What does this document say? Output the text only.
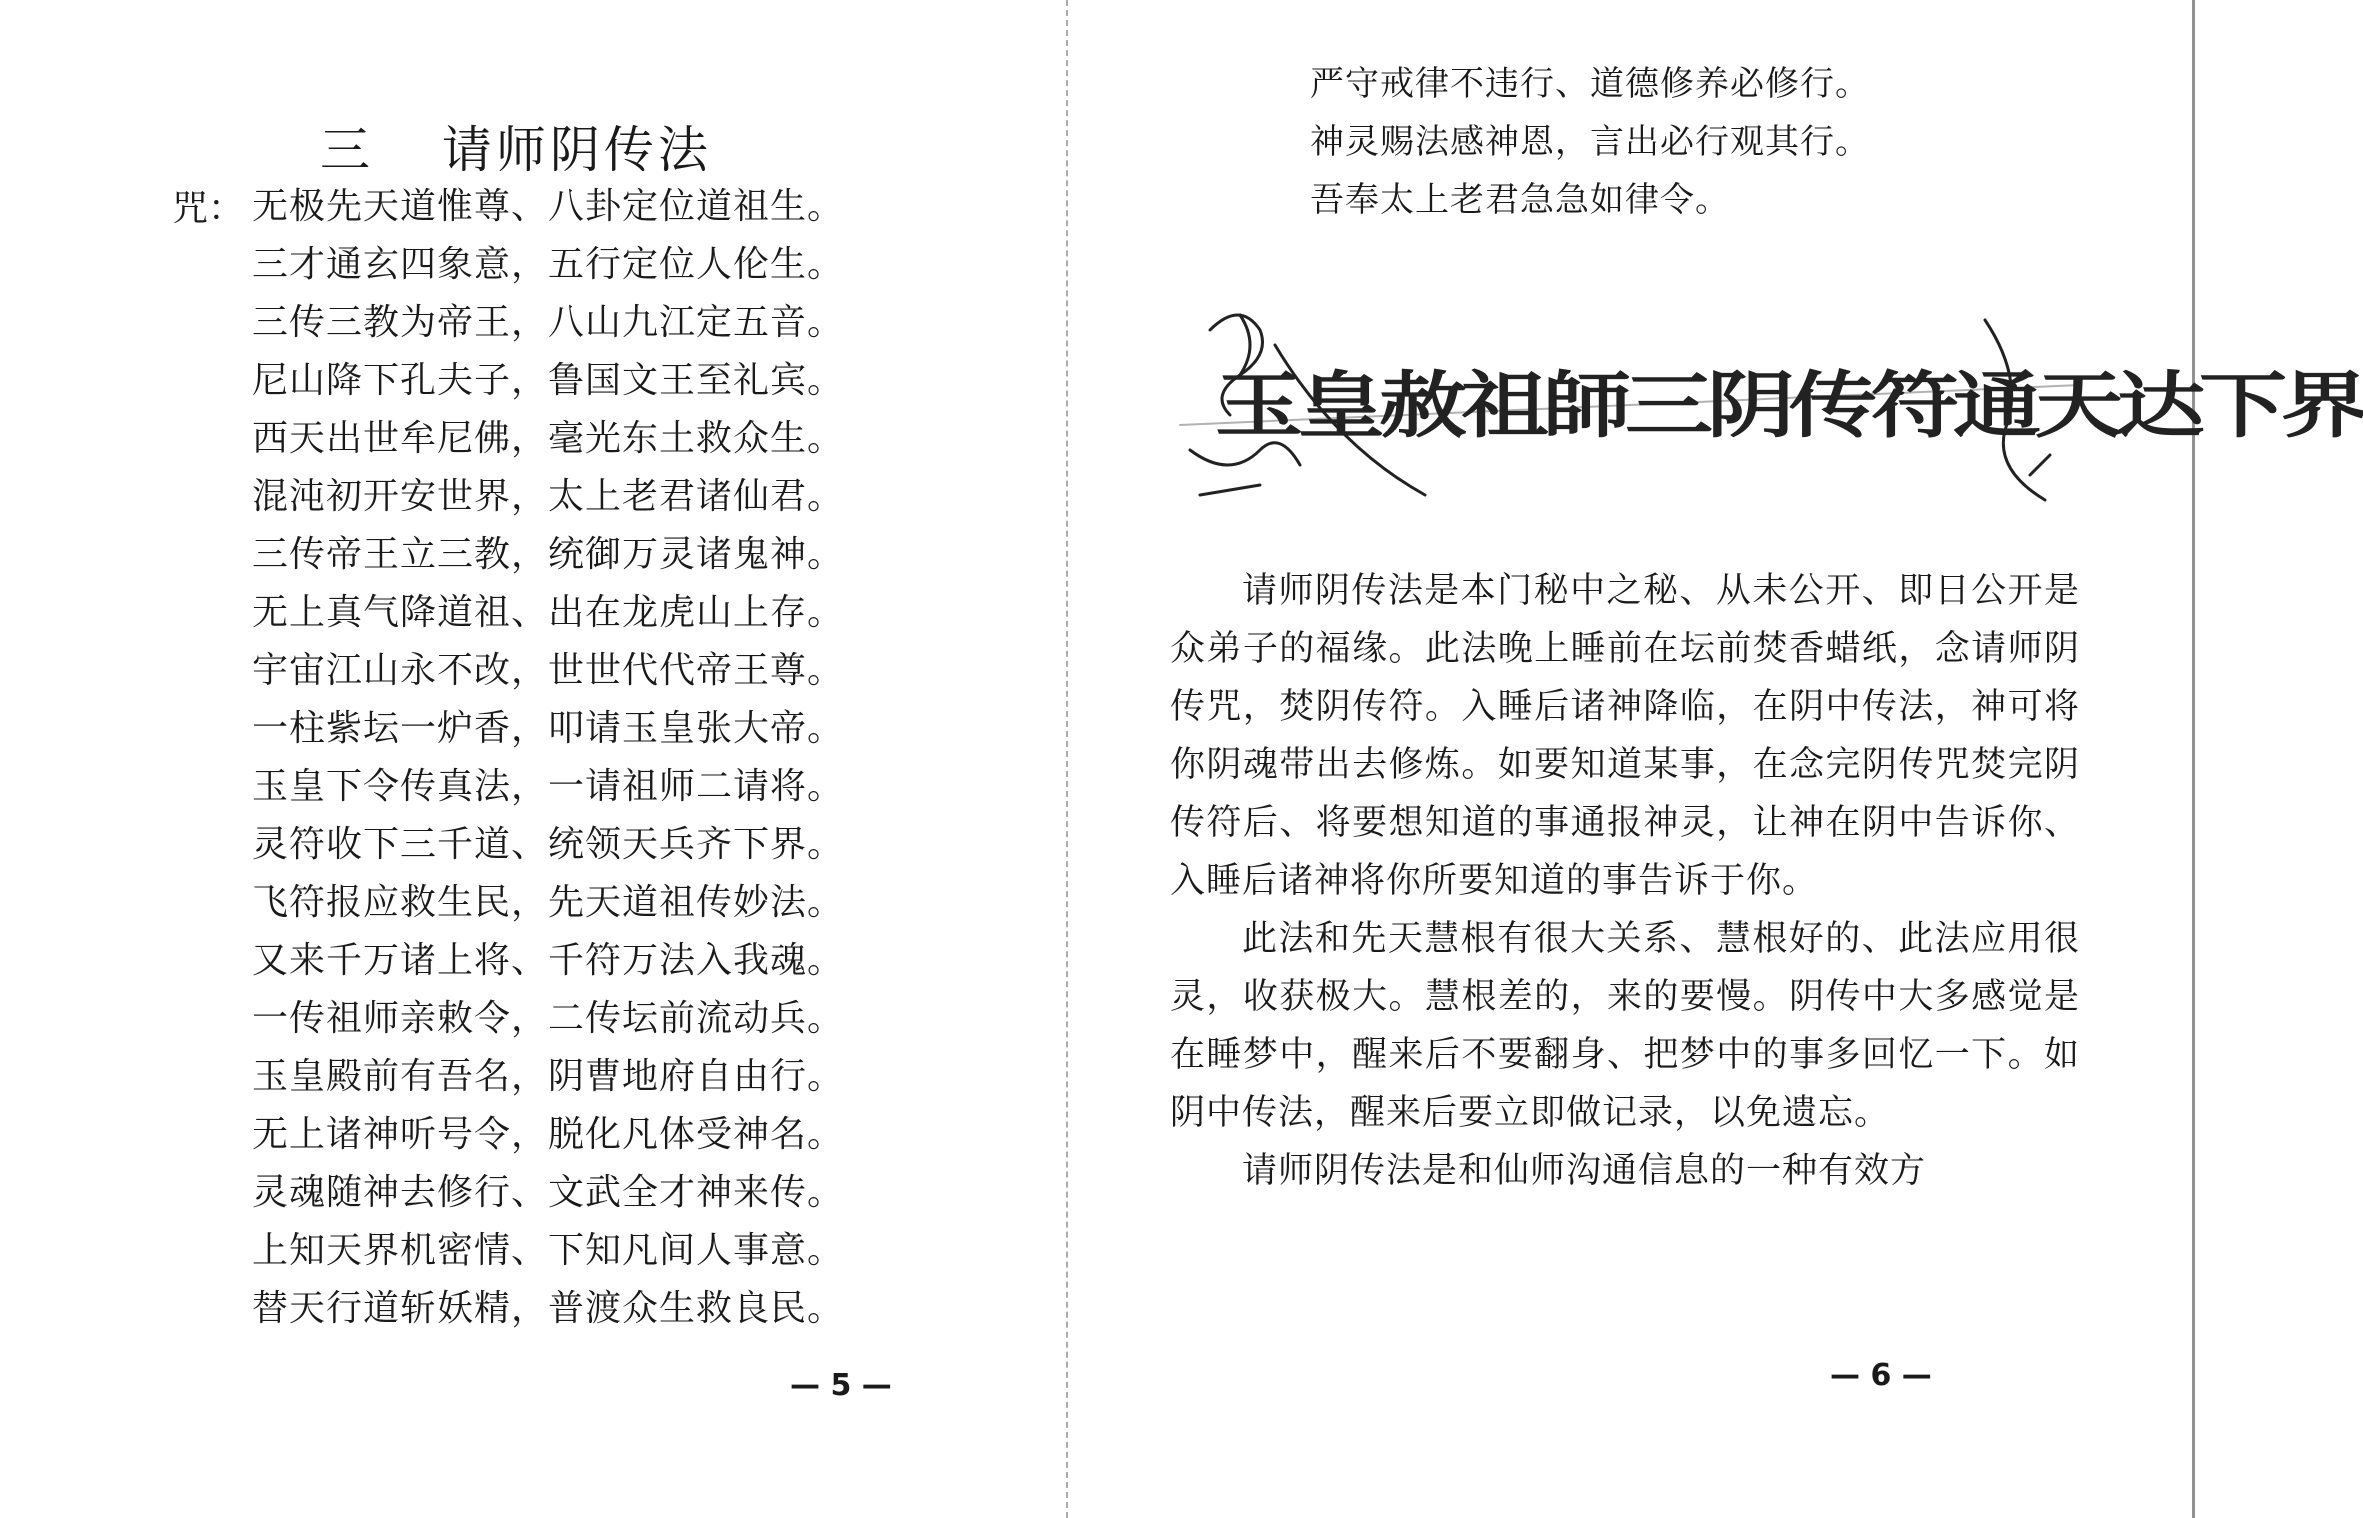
三 请师阴传法
咒： 无极先天道惟尊、八卦定位道祖生。
三才通玄四象意，五行定位人伦生。
三传三教为帝王，八山九江定五音。
尼山降下孔夫子，鲁国文王至礼宾。
西天出世牟尼佛，毫光东土救众生。
混沌初开安世界，太上老君诸仙君。
三传帝王立三教，统御万灵诸鬼神。
无上真气降道祖、出在龙虎山上存。
宇宙江山永不改，世世代代帝王尊。
一柱紫坛一炉香，叩请玉皇张大帝。
玉皇下令传真法，一请祖师二请将。
灵符收下三千道、统领天兵齐下界。
飞符报应救生民，先天道祖传妙法。
又来千万诸上将、千符万法入我魂。
一传祖师亲敕令，二传坛前流动兵。
玉皇殿前有吾名，阴曹地府自由行。
无上诸神听号令，脱化凡体受神名。
灵魂随神去修行、文武全才神来传。
上知天界机密情、下知凡间人事意。
替天行道斩妖精，普渡众生救良民。
— 5 —
严守戒律不违行、道德修养必修行。
神灵赐法感神恩，言出必行观其行。
吾奉太上老君急急如律令。
玉皇赦祖師三阴传符通天达下界

请师阴传法是本门秘中之秘、从未公开、即日公开是众弟子的福缘。此法晚上睡前在坛前焚香蜡纸，念请师阴传咒，焚阴传符。入睡后诸神降临，在阴中传法，神可将你阴魂带出去修炼。如要知道某事，在念完阴传咒焚完阴传符后、将要想知道的事通报神灵，让神在阴中告诉你、入睡后诸神将你所要知道的事告诉于你。

此法和先天慧根有很大关系、慧根好的、此法应用很灵，收获极大。慧根差的，来的要慢。阴传中大多感觉是在睡梦中，醒来后不要翻身、把梦中的事多回忆一下。如阴中传法，醒来后要立即做记录，以免遗忘。

请师阴传法是和仙师沟通信息的一种有效方

— 6 —
